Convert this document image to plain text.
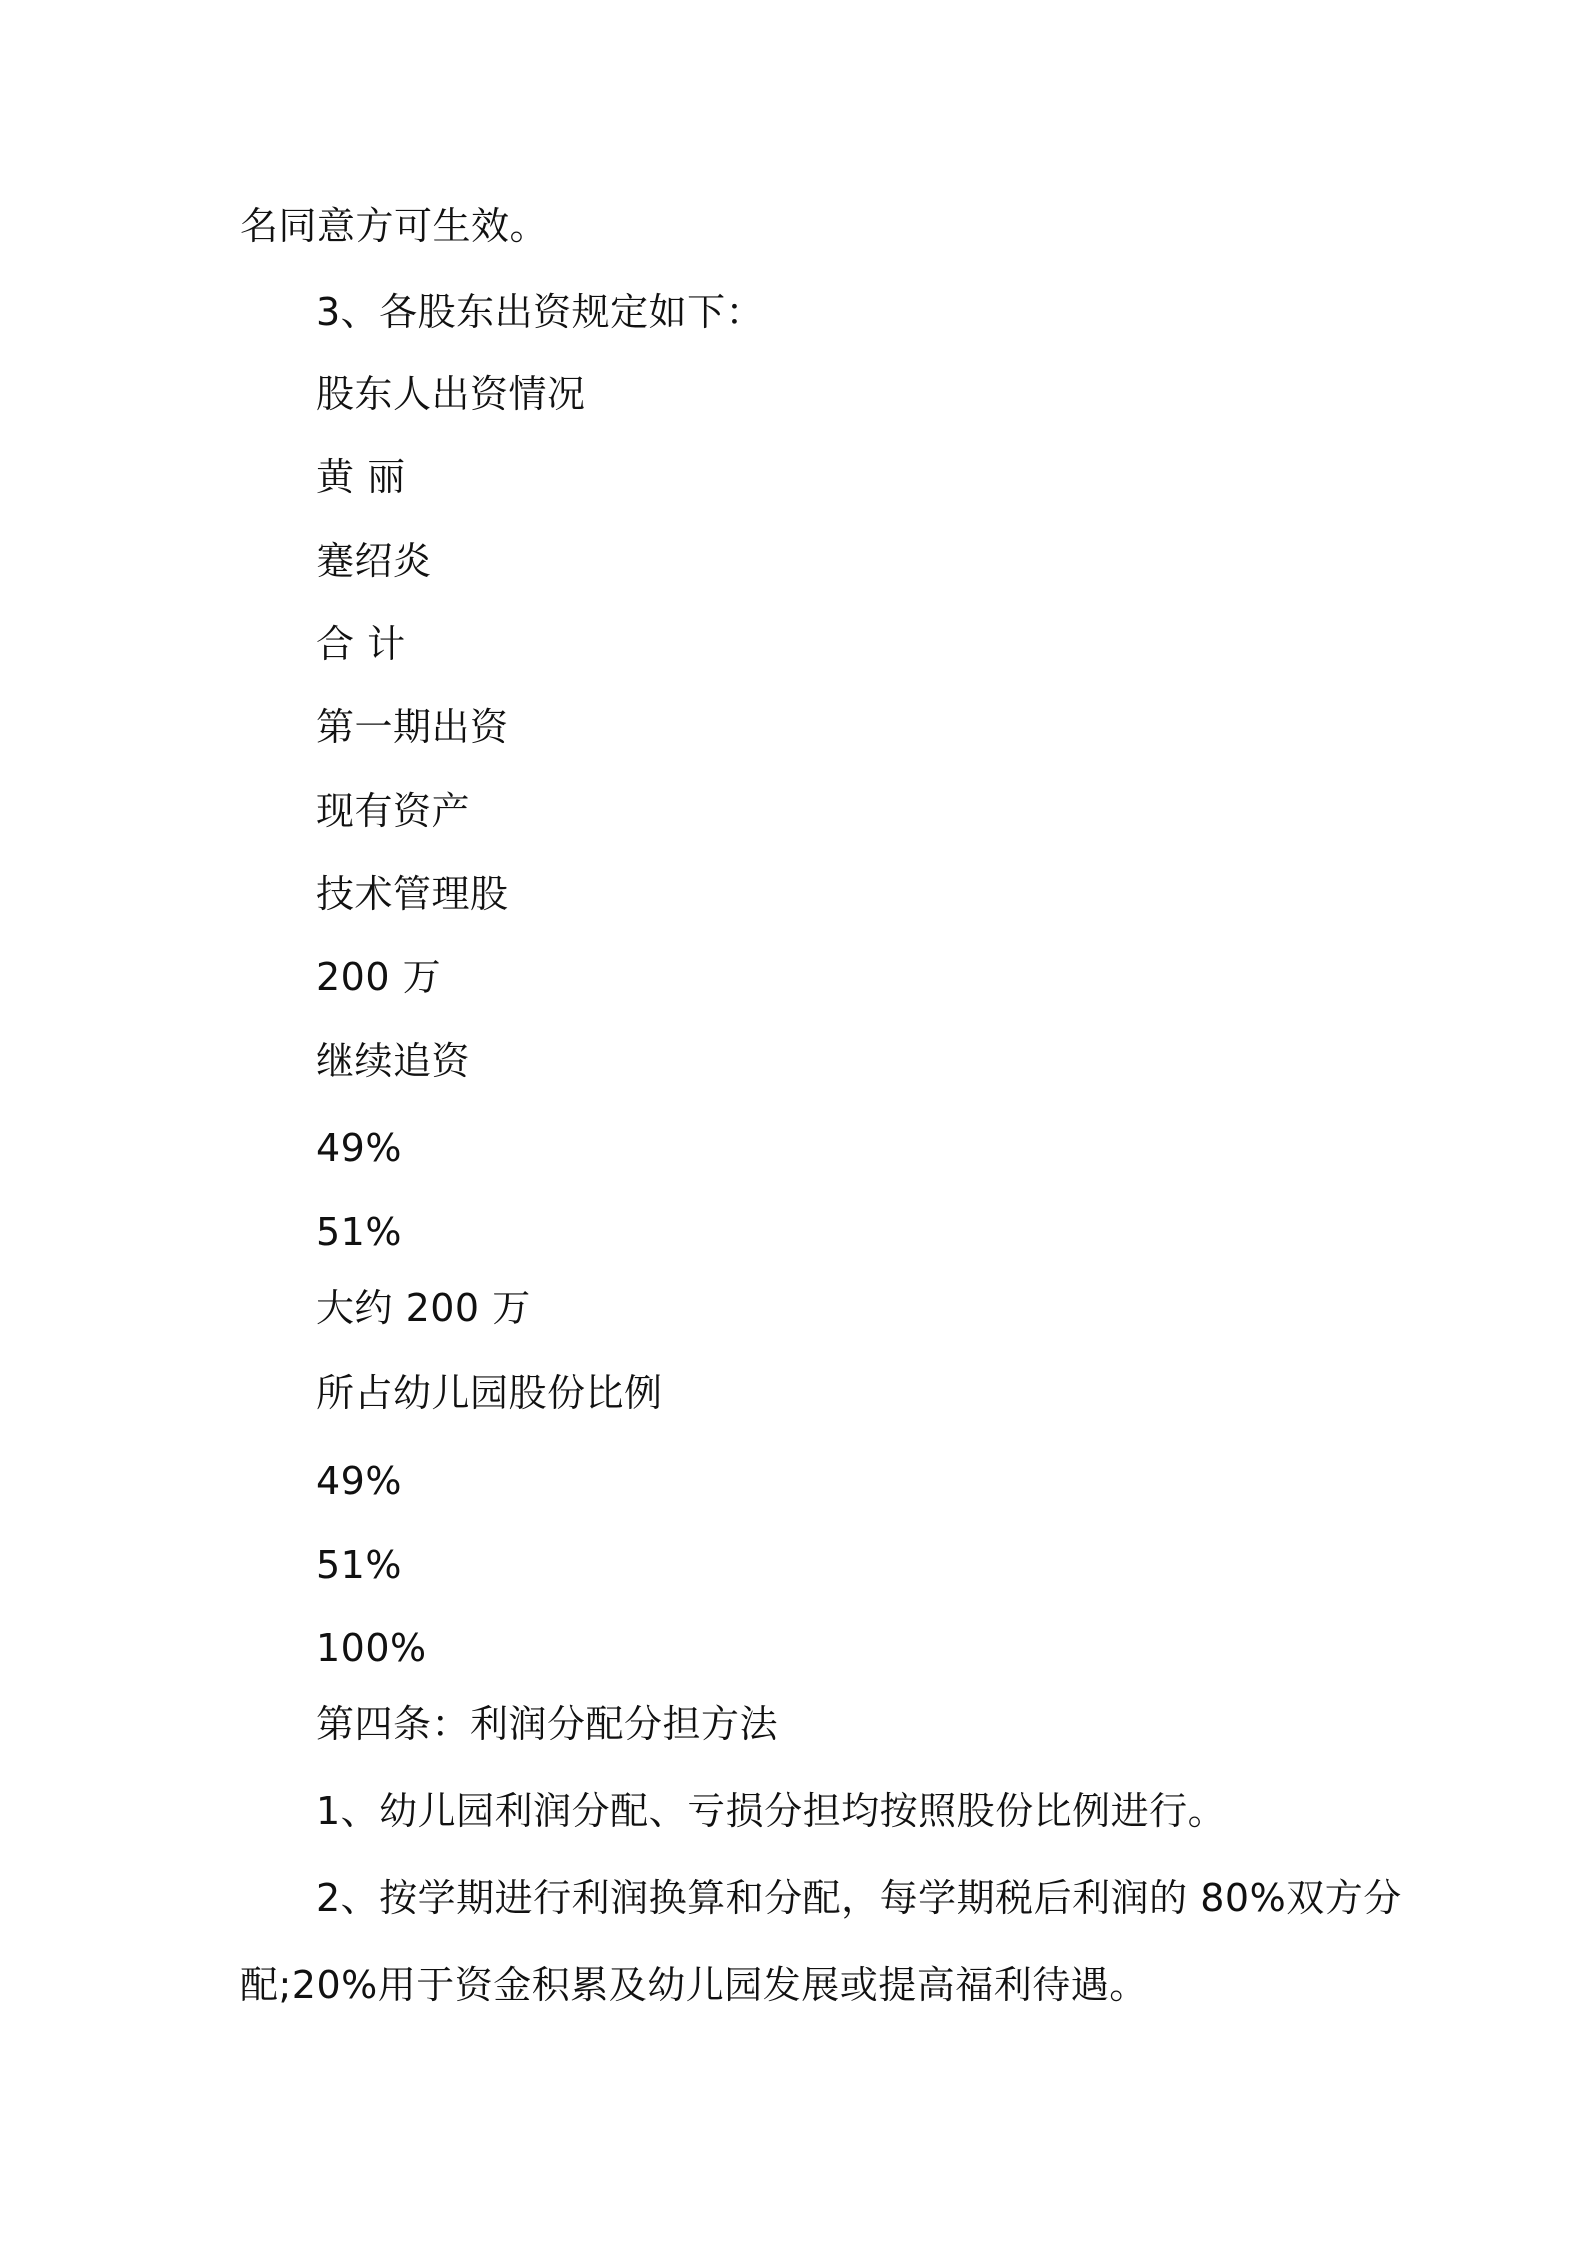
名同意方可生效。
3、各股东出资规定如下：
股东人出资情况
黄 丽
蹇绍炎
合 计
第一期出资
现有资产
技术管理股
200 万
继续追资
49%
51%
大约 200 万
所占幼儿园股份比例
49%
51%
100%
第四条：利润分配分担方法
1、幼儿园利润分配、亏损分担均按照股份比例进行。
2、按学期进行利润换算和分配，每学期税后利润的 80%双方分
配;20%用于资金积累及幼儿园发展或提高福利待遇。
